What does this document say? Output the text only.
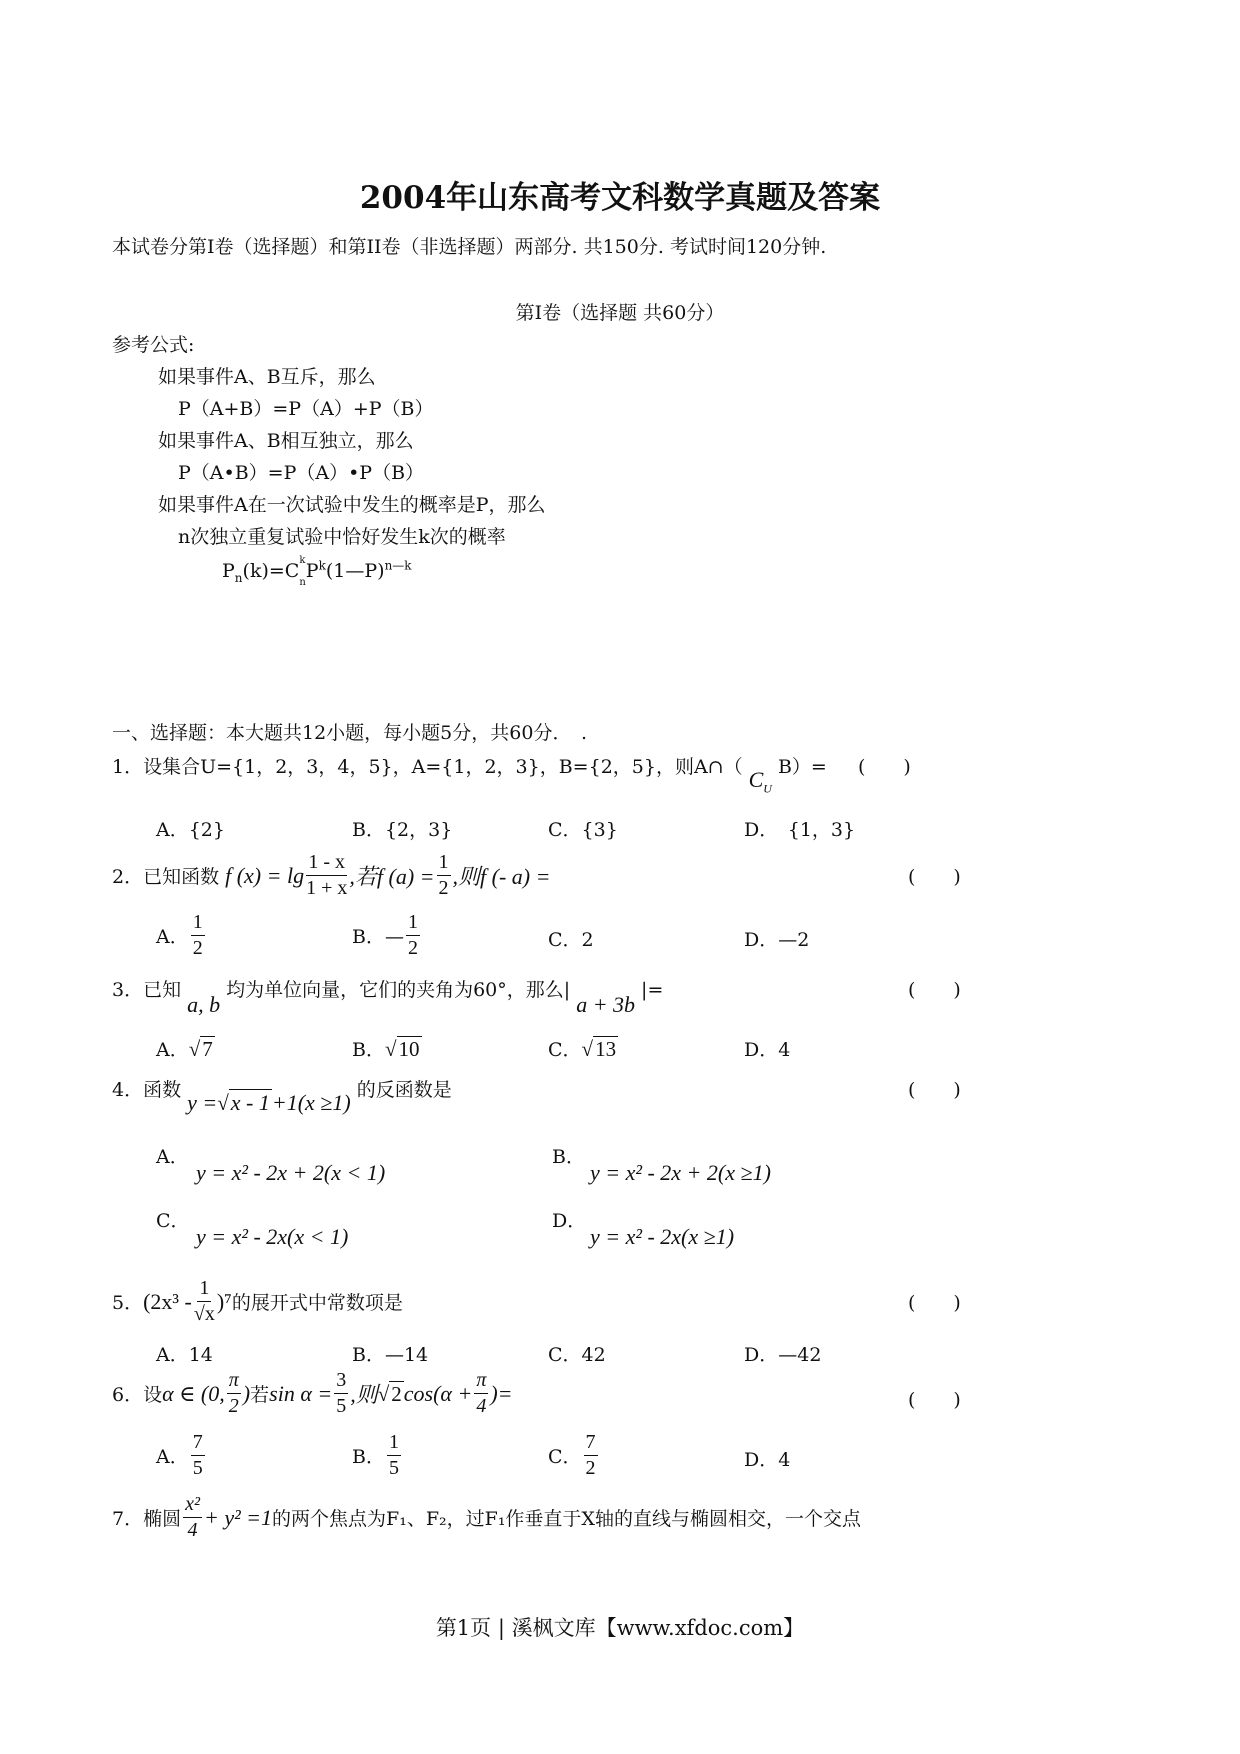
2004年山东高考文科数学真题及答案
本试卷分第I卷（选择题）和第II卷（非选择题）两部分. 共150分. 考试时间120分钟.
第I卷（选择题 共60分）
参考公式:
如果事件A、B互斥，那么
P（A+B）=P（A）+P（B）
如果事件A、B相互独立，那么
P（A•B）=P（A）•P（B）
如果事件A在一次试验中发生的概率是P，那么
n次独立重复试验中恰好发生k次的概率
$P_n(k)=C$ k
n
$P^k(1—P)^{n—k}$
一、选择题：本大题共12小题，每小题5分，共60分．　.
1．设集合U={1，2，3，4，5}，A={1，2，3}，B={2，5}，则A∩（ $C_UB)=$ (　　)
A．{2}	B．{2，3}	C．{3}	D．　{1，3}
2．已知函数 f $(x) = \lg \frac{1 - x}{1 + x}$ ,若f $(a) = \frac{1}{2}$ ,则f (- a) =	(　　)
A． $\frac{1}{2}$	B．— $\frac{1}{2}$	C．2	D．—2
3．已知a, b均为单位向量，它们的夹角为60°，那么|a + 3b|=	(　　)
A．√ 7	B．√ 10	C．√ 13	D．4
4．函数 y =√ x - 1 +1(x ≥1) 的反函数是	(　　)
A．
y = x² - 2x + 2(x < 1)
B．
y = x² - 2x + 2(x ≥1)
C．
y = x² - 2x(x < 1)
D．
y = x² - 2x(x ≥1)
5． $(2x^3 - \frac{1}{√x} )^7$ 的展开式中常数项是	(　　)
A．14	B．—14	C．42	D．—42
6．设 α ∈ (0, $\frac{\pi}{2}$ ) 若 $\sin \alpha = \frac{3}{5}$ ,则 √ 2 $\cos(\alpha + \frac{\pi}{4}$ )=	(　　)
A． $\frac{7}{5}$	B． $\frac{1}{5}$	C． $\frac{7}{2}$	D．4
7．椭圆 $\frac{\text{x²}}{4} + y^2 =1$ 的两个焦点为F₁、F₂，过F₁作垂直于X轴的直线与椭圆相交，一个交点
第1页 | 溪枫文库【www.xfdoc.com】
